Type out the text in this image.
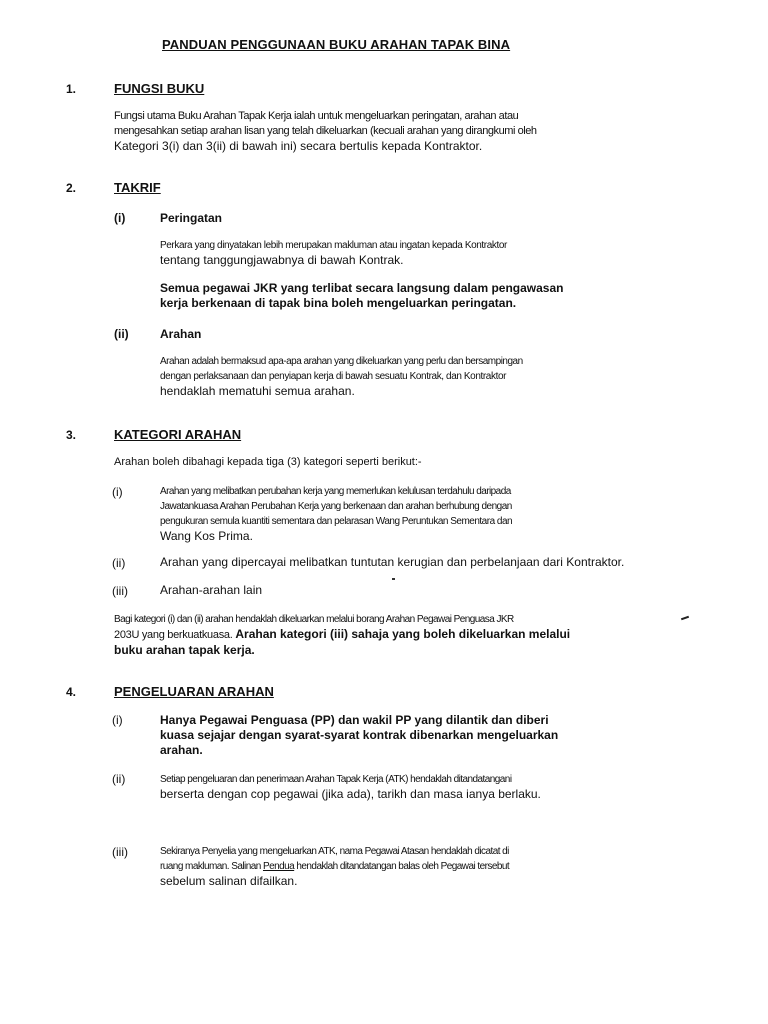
PANDUAN PENGGUNAAN BUKU ARAHAN TAPAK BINA
1.	FUNGSI BUKU
Fungsi utama Buku Arahan Tapak Kerja ialah untuk mengeluarkan peringatan, arahan atau
mengesahkan setiap arahan lisan yang telah dikeluarkan (kecuali arahan yang dirangkumi oleh
Kategori 3(i) dan 3(ii) di bawah ini) secara bertulis kepada Kontraktor.
2.	TAKRIF
(i)	Peringatan
Perkara yang dinyatakan lebih merupakan makluman atau ingatan kepada Kontraktor
tentang tanggungjawabnya di bawah Kontrak.
Semua pegawai JKR yang terlibat secara langsung dalam pengawasan
kerja berkenaan di tapak bina boleh mengeluarkan peringatan.
(ii)	Arahan
Arahan adalah bermaksud apa-apa arahan yang dikeluarkan yang perlu dan bersampingan
dengan perlaksanaan dan penyiapan kerja di bawah sesuatu Kontrak, dan Kontraktor
hendaklah mematuhi semua arahan.
3.	KATEGORI ARAHAN
Arahan boleh dibahagi kepada tiga (3) kategori seperti berikut:-
(i)	Arahan yang melibatkan perubahan kerja yang memerlukan kelulusan terdahulu daripada
Jawatankuasa Arahan Perubahan Kerja yang berkenaan dan arahan berhubung dengan
pengukuran semula kuantiti sementara dan pelarasan Wang Peruntukan Sementara dan
Wang Kos Prima.
(ii)	Arahan yang dipercayai melibatkan tuntutan kerugian dan perbelanjaan dari Kontraktor.
(iii)	Arahan-arahan lain
Bagi kategori (i) dan (ii) arahan hendaklah dikeluarkan melalui borang Arahan Pegawai Penguasa JKR
203U yang berkuatkuasa. Arahan kategori (iii) sahaja yang boleh dikeluarkan melalui
buku arahan tapak kerja.
4.	PENGELUARAN ARAHAN
(i)	Hanya Pegawai Penguasa (PP) dan wakil PP yang dilantik dan diberi
kuasa sejajar dengan syarat-syarat kontrak dibenarkan mengeluarkan
arahan.
(ii)	Setiap pengeluaran dan penerimaan Arahan Tapak Kerja (ATK) hendaklah ditandatangani
berserta dengan cop pegawai (jika ada), tarikh dan masa ianya berlaku.
(iii)	Sekiranya Penyelia yang mengeluarkan ATK, nama Pegawai Atasan hendaklah dicatat di
ruang makluman. Salinan Pendua hendaklah ditandatangan balas oleh Pegawai tersebut
sebelum salinan difailkan.
